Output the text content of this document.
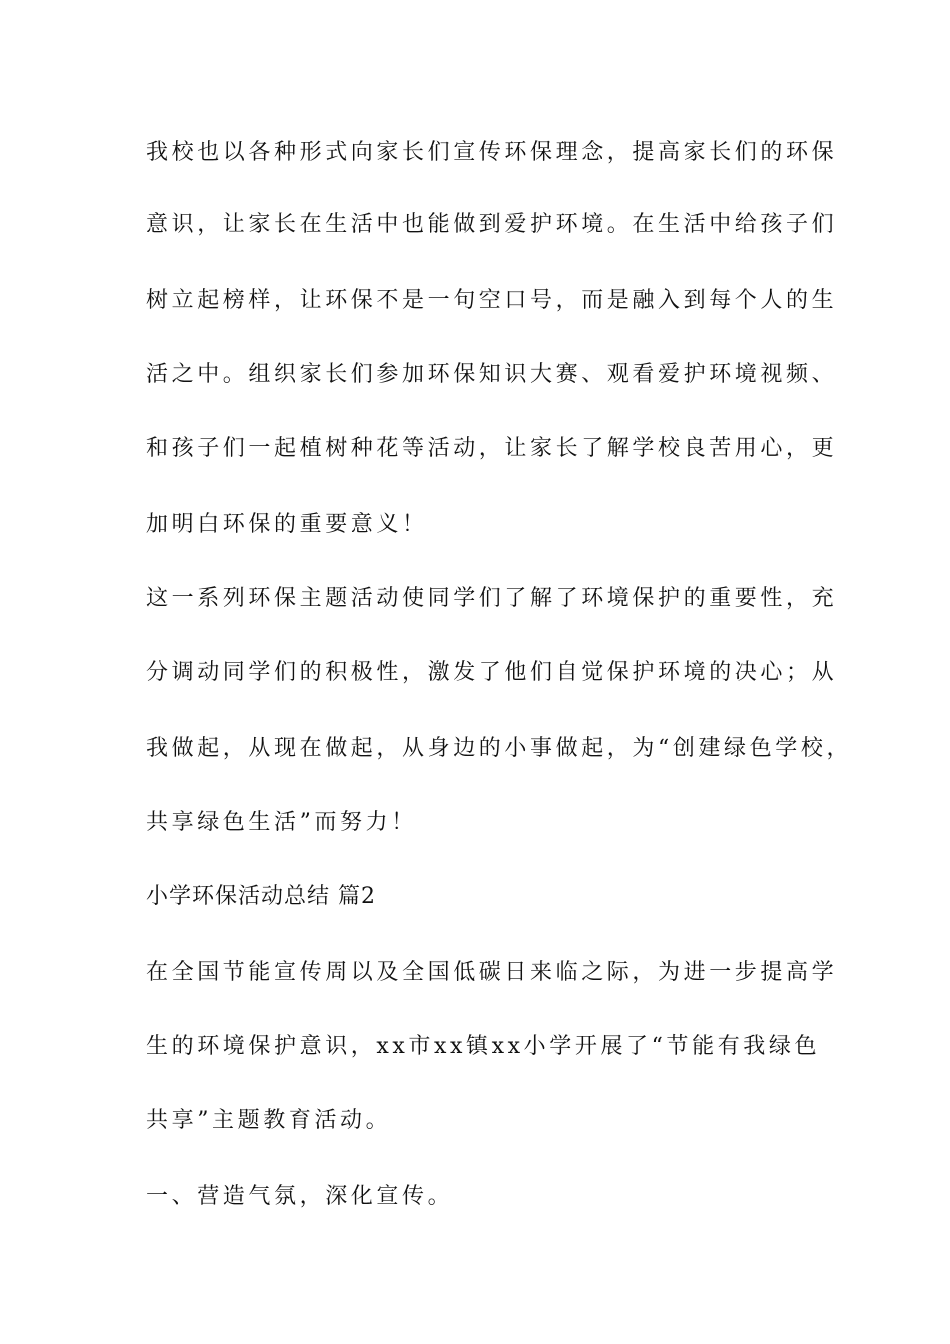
我校也以各种形式向家长们宣传环保理念，提高家长们的环保
意识，让家长在生活中也能做到爱护环境。在生活中给孩子们
树立起榜样，让环保不是一句空口号，而是融入到每个人的生
活之中。组织家长们参加环保知识大赛、观看爱护环境视频、
和孩子们一起植树种花等活动，让家长了解学校良苦用心，更
加明白环保的重要意义！
这一系列环保主题活动使同学们了解了环境保护的重要性，充
分调动同学们的积极性，激发了他们自觉保护环境的决心；从
我做起，从现在做起，从身边的小事做起，为“创建绿色学校，
共享绿色生活”而努力！
小学环保活动总结 篇2
在全国节能宣传周以及全国低碳日来临之际，为进一步提高学
生的环境保护意识，xx市xx镇xx小学开展了“节能有我绿色
共享”主题教育活动。
一、营造气氛，深化宣传。
